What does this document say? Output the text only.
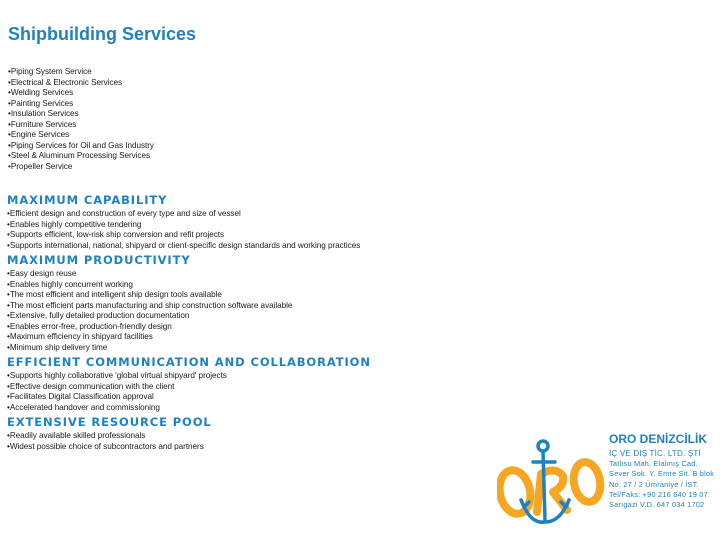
Shipbuilding Services
•Piping System Service
•Electrical & Electronic Services
•Welding Services
•Painting Services
•Insulation Services
•Furniture Services
•Engine Services
•Piping Services for Oil and Gas Industry
•Steel & Aluminum Processing Services
•Propeller Service
MAXIMUM CAPABILITY
•Efficient design and construction of every type and size of vessel
•Enables highly competitive tendering
•Supports efficient, low-risk ship conversion and refit projects
•Supports international, national, shipyard or client-specific design standards and working practices
MAXIMUM PRODUCTIVITY
•Easy design reuse
•Enables highly concurrent working
•The most efficient and intelligent ship design tools available
•The most efficient parts manufacturing and ship construction software available
•Extensive, fully detailed production documentation
•Enables error-free, production-friendly design
•Maximum efficiency in shipyard facilities
•Minimum ship delivery time
EFFICIENT COMMUNICATION AND COLLABORATION
•Supports highly collaborative 'global virtual shipyard' projects
•Effective design communication with the client
•Facilitates Digital Classification approval
•Accelerated handover and commissioning
EXTENSIVE RESOURCE POOL
•Readily available skilled professionals
•Widest possible choice of subcontractors and partners	ORO DENİZCİLİK
İÇ VE DIŞ TİC. LTD. ŞTİ
Tatlısu Mah. Elalmış Cad.
Sever Sok. Y. Emre Sit. B blok
No: 27 / 2 Ümraniye / İST.
Tel/Faks: +90 216 640 19 07
Sarıgazi V.D. 647 034 1702
